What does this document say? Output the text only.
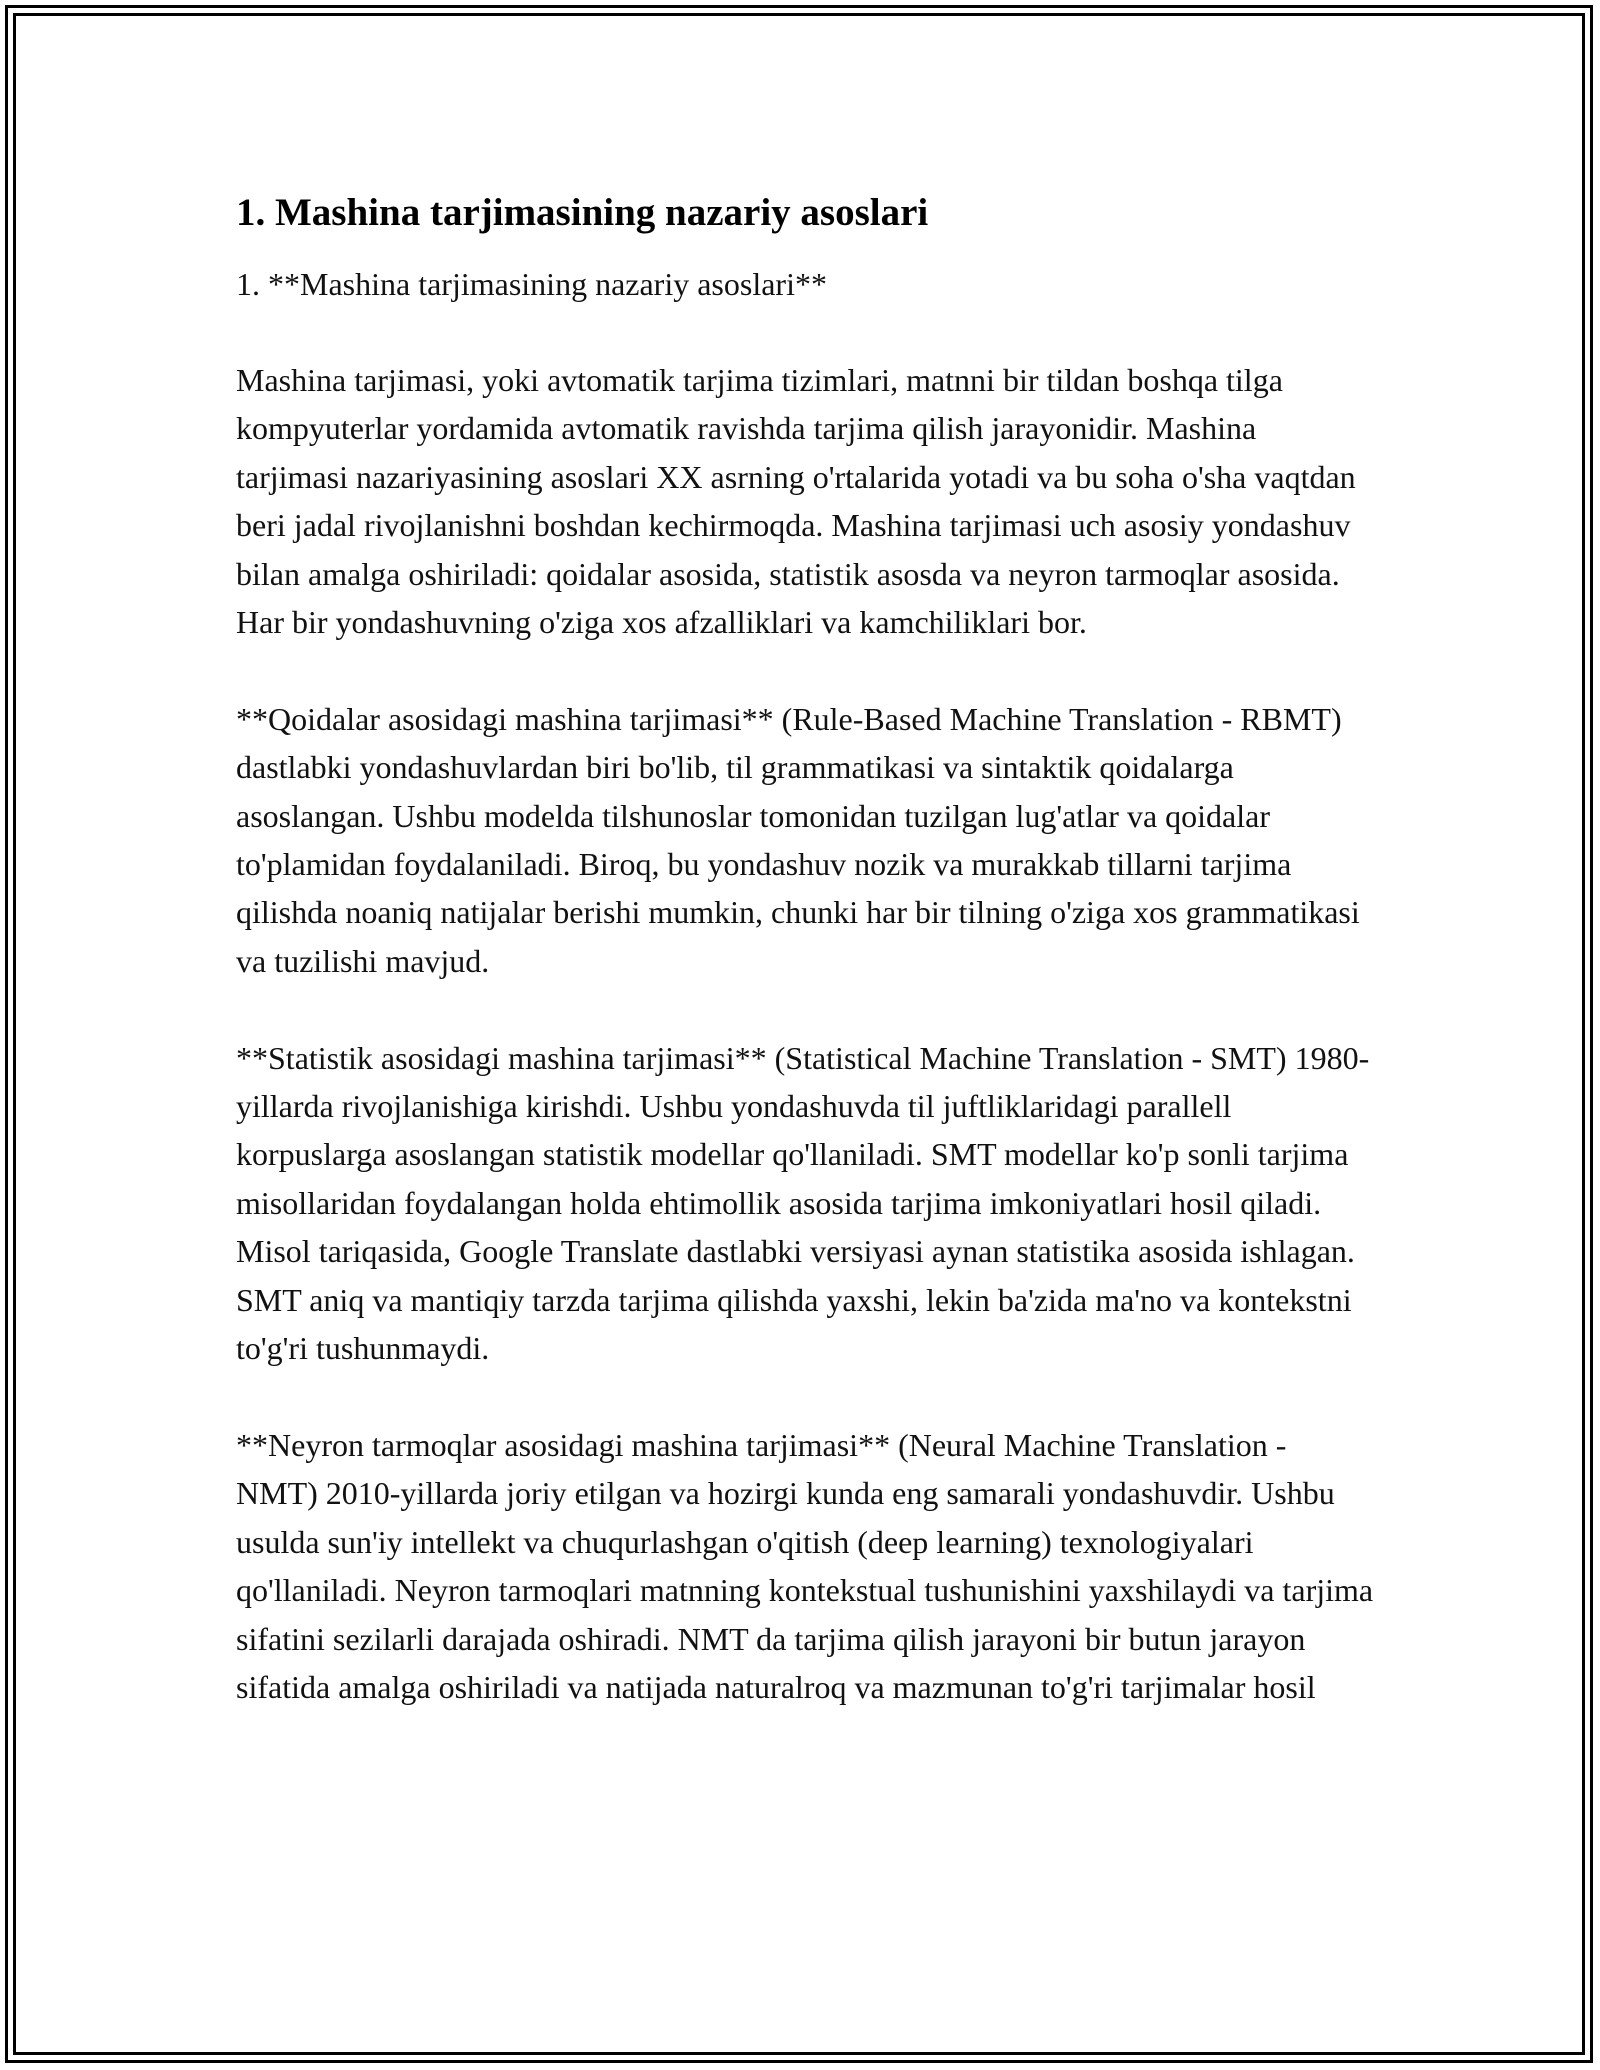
1. Mashina tarjimasining nazariy asoslari

1. **Mashina tarjimasining nazariy asoslari**

Mashina tarjimasi, yoki avtomatik tarjima tizimlari, matnni bir tildan boshqa tilga kompyuterlar yordamida avtomatik ravishda tarjima qilish jarayonidir. Mashina tarjimasi nazariyasining asoslari XX asrning o'rtalarida yotadi va bu soha o'sha vaqtdan beri jadal rivojlanishni boshdan kechirmoqda. Mashina tarjimasi uch asosiy yondashuv bilan amalga oshiriladi: qoidalar asosida, statistik asosda va neyron tarmoqlar asosida. Har bir yondashuvning o'ziga xos afzalliklari va kamchiliklari bor.

**Qoidalar asosidagi mashina tarjimasi** (Rule-Based Machine Translation - RBMT) dastlabki yondashuvlardan biri bo'lib, til grammatikasi va sintaktik qoidalarga asoslangan. Ushbu modelda tilshunoslar tomonidan tuzilgan lug'atlar va qoidalar to'plamidan foydalaniladi. Biroq, bu yondashuv nozik va murakkab tillarni tarjima qilishda noaniq natijalar berishi mumkin, chunki har bir tilning o'ziga xos grammatikasi va tuzilishi mavjud.

**Statistik asosidagi mashina tarjimasi** (Statistical Machine Translation - SMT) 1980-yillarda rivojlanishiga kirishdi. Ushbu yondashuvda til juftliklaridagi parallell korpuslarga asoslangan statistik modellar qo'llaniladi. SMT modellar ko'p sonli tarjima misollaridan foydalangan holda ehtimollik asosida tarjima imkoniyatlari hosil qiladi. Misol tariqasida, Google Translate dastlabki versiyasi aynan statistika asosida ishlagan. SMT aniq va mantiqiy tarzda tarjima qilishda yaxshi, lekin ba'zida ma'no va kontekstni to'g'ri tushunmaydi.

**Neyron tarmoqlar asosidagi mashina tarjimasi** (Neural Machine Translation - NMT) 2010-yillarda joriy etilgan va hozirgi kunda eng samarali yondashuvdir. Ushbu usulda sun'iy intellekt va chuqurlashgan o'qitish (deep learning) texnologiyalari qo'llaniladi. Neyron tarmoqlari matnning kontekstual tushunishini yaxshilaydi va tarjima sifatini sezilarli darajada oshiradi. NMT da tarjima qilish jarayoni bir butun jarayon sifatida amalga oshiriladi va natijada naturalroq va mazmunan to'g'ri tarjimalar hosil
